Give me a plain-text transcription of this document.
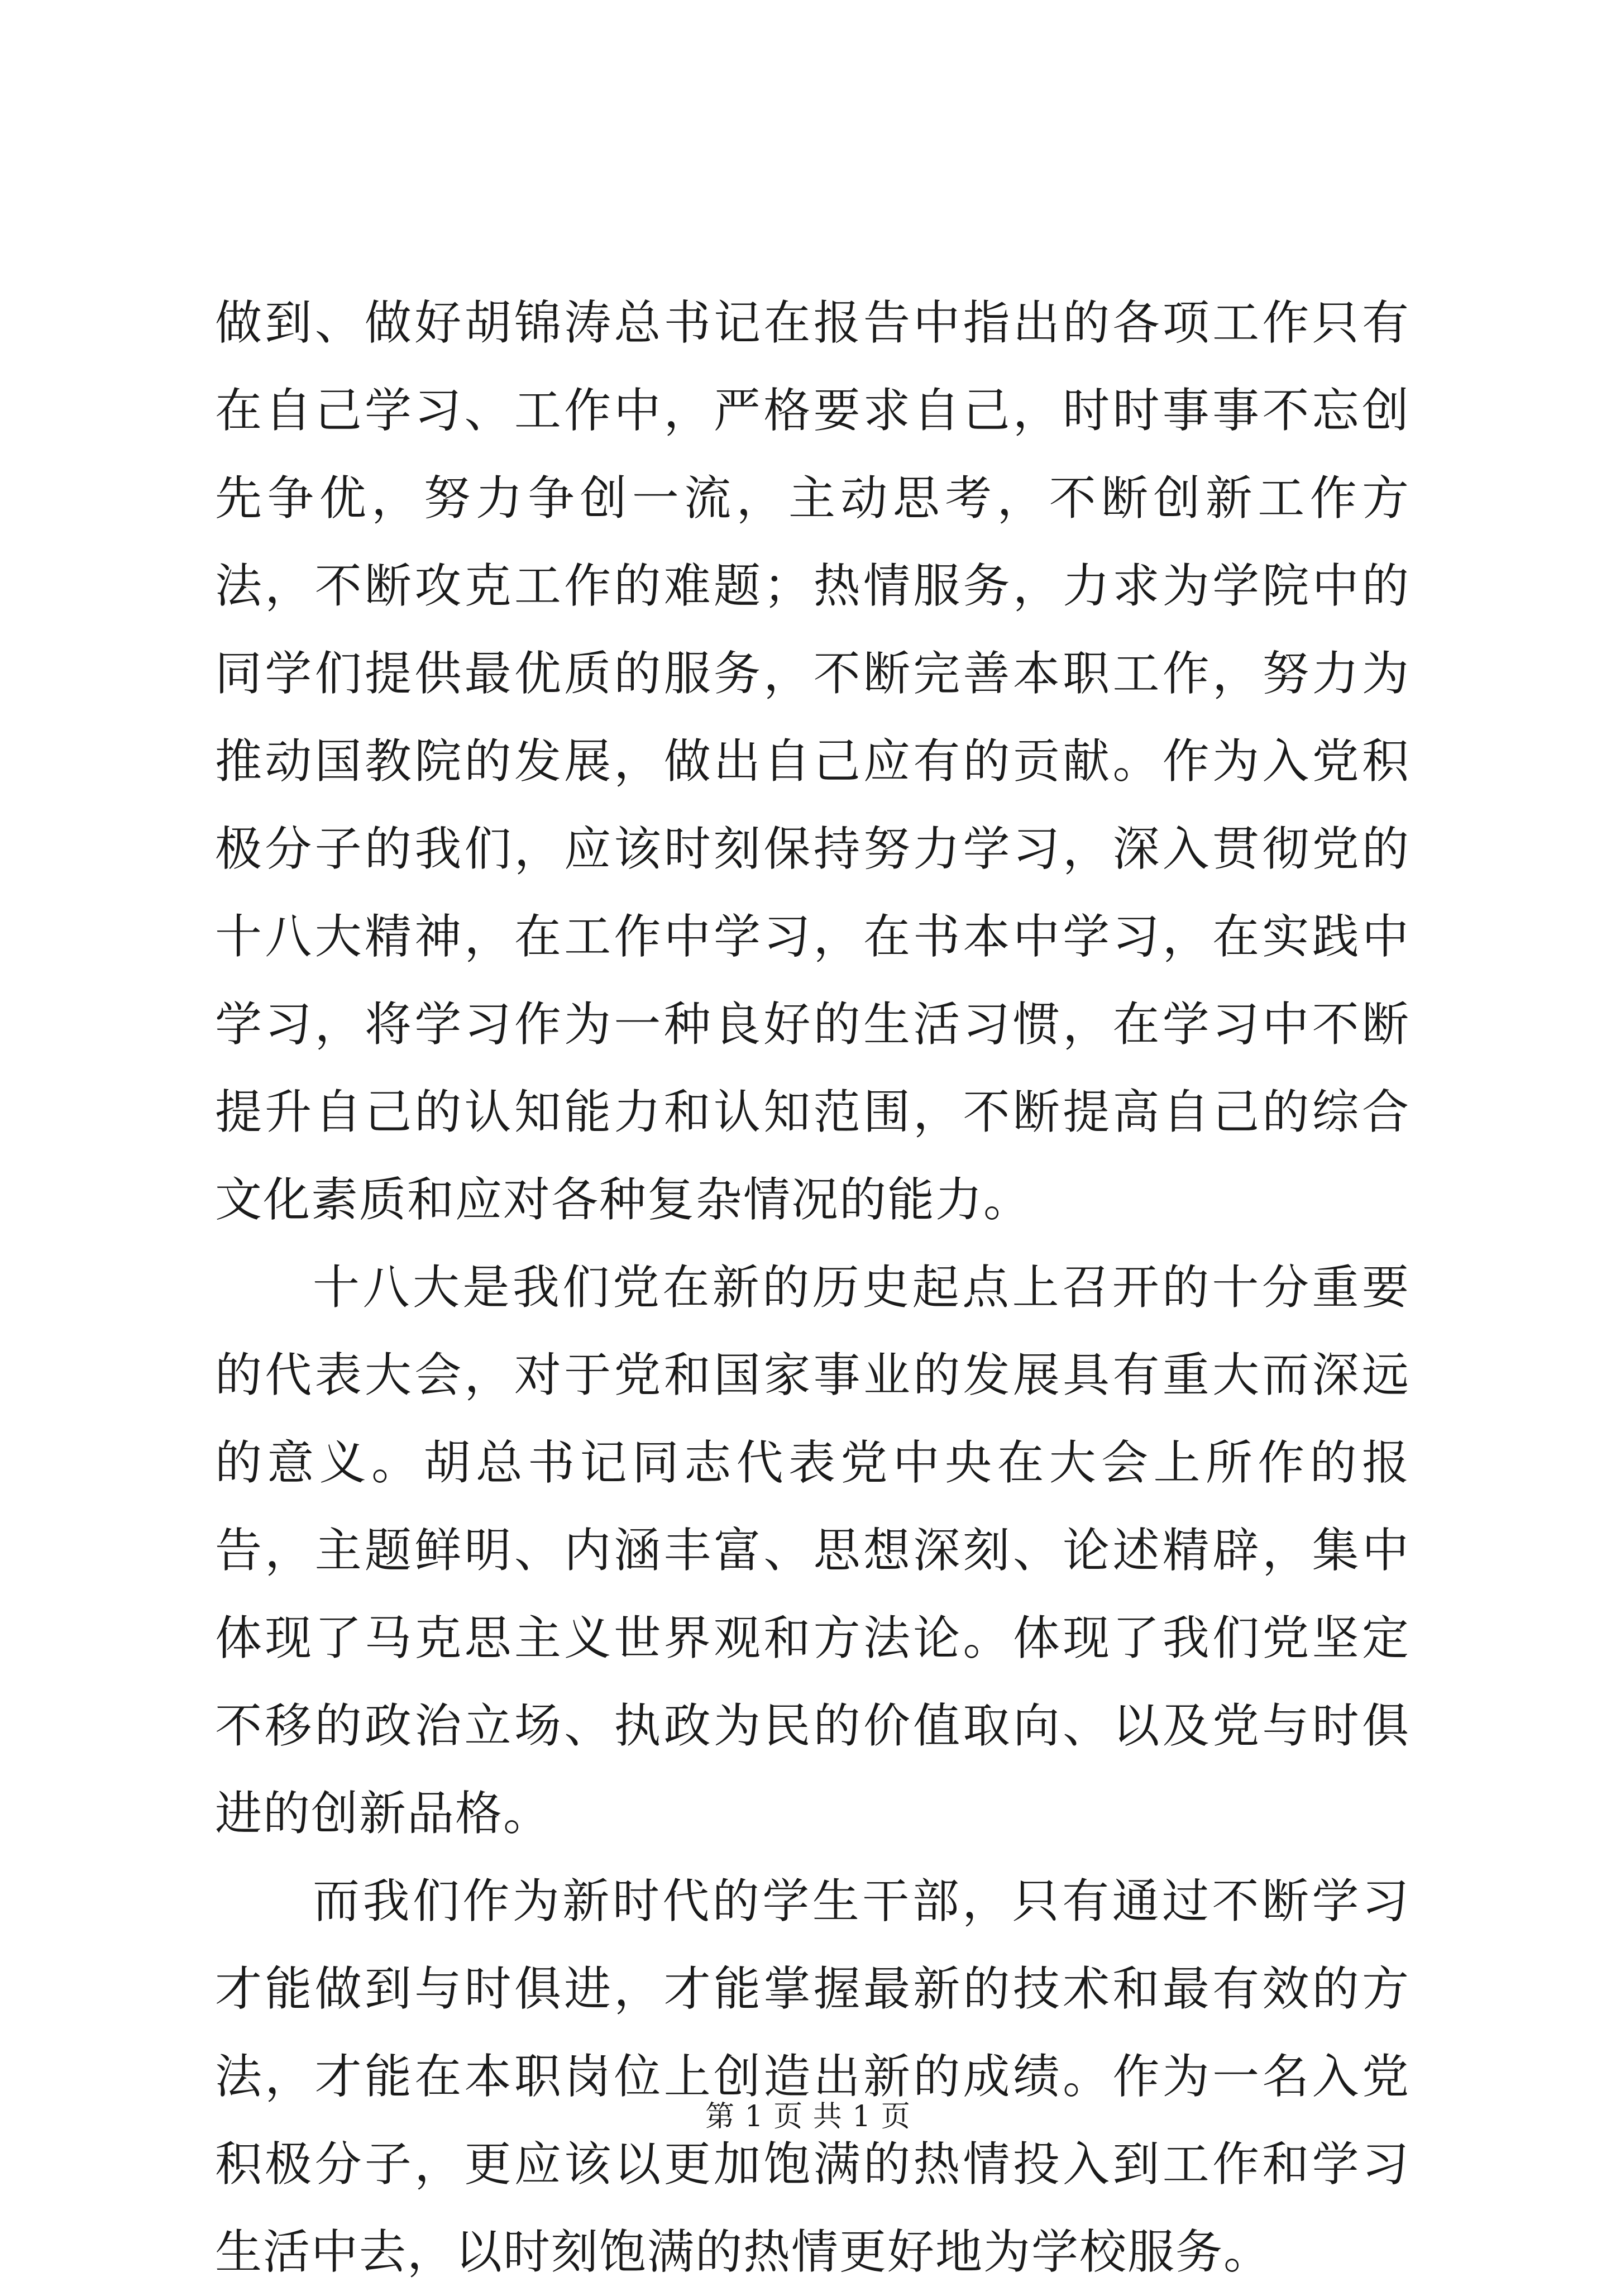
做到、做好胡锦涛总书记在报告中指出的各项工作只有在自己学习、工作中，严格要求自己，时时事事不忘创先争优，努力争创一流，主动思考，不断创新工作方法，不断攻克工作的难题；热情服务，力求为学院中的同学们提供最优质的服务，不断完善本职工作，努力为推动国教院的发展，做出自己应有的贡献。作为入党积极分子的我们，应该时刻保持努力学习，深入贯彻党的十八大精神，在工作中学习，在书本中学习，在实践中学习，将学习作为一种良好的生活习惯，在学习中不断提升自己的认知能力和认知范围，不断提高自己的综合文化素质和应对各种复杂情况的能力。

十八大是我们党在新的历史起点上召开的十分重要的代表大会，对于党和国家事业的发展具有重大而深远的意义。胡总书记同志代表党中央在大会上所作的报告，主题鲜明、内涵丰富、思想深刻、论述精辟，集中体现了马克思主义世界观和方法论。体现了我们党坚定不移的政治立场、执政为民的价值取向、以及党与时俱进的创新品格。

而我们作为新时代的学生干部，只有通过不断学习才能做到与时俱进，才能掌握最新的技术和最有效的方法，才能在本职岗位上创造出新的成绩。作为一名入党积极分子，更应该以更加饱满的热情投入到工作和学习生活中去，以时刻饱满的热情更好地为学校服务。

第 1 页 共 1 页
